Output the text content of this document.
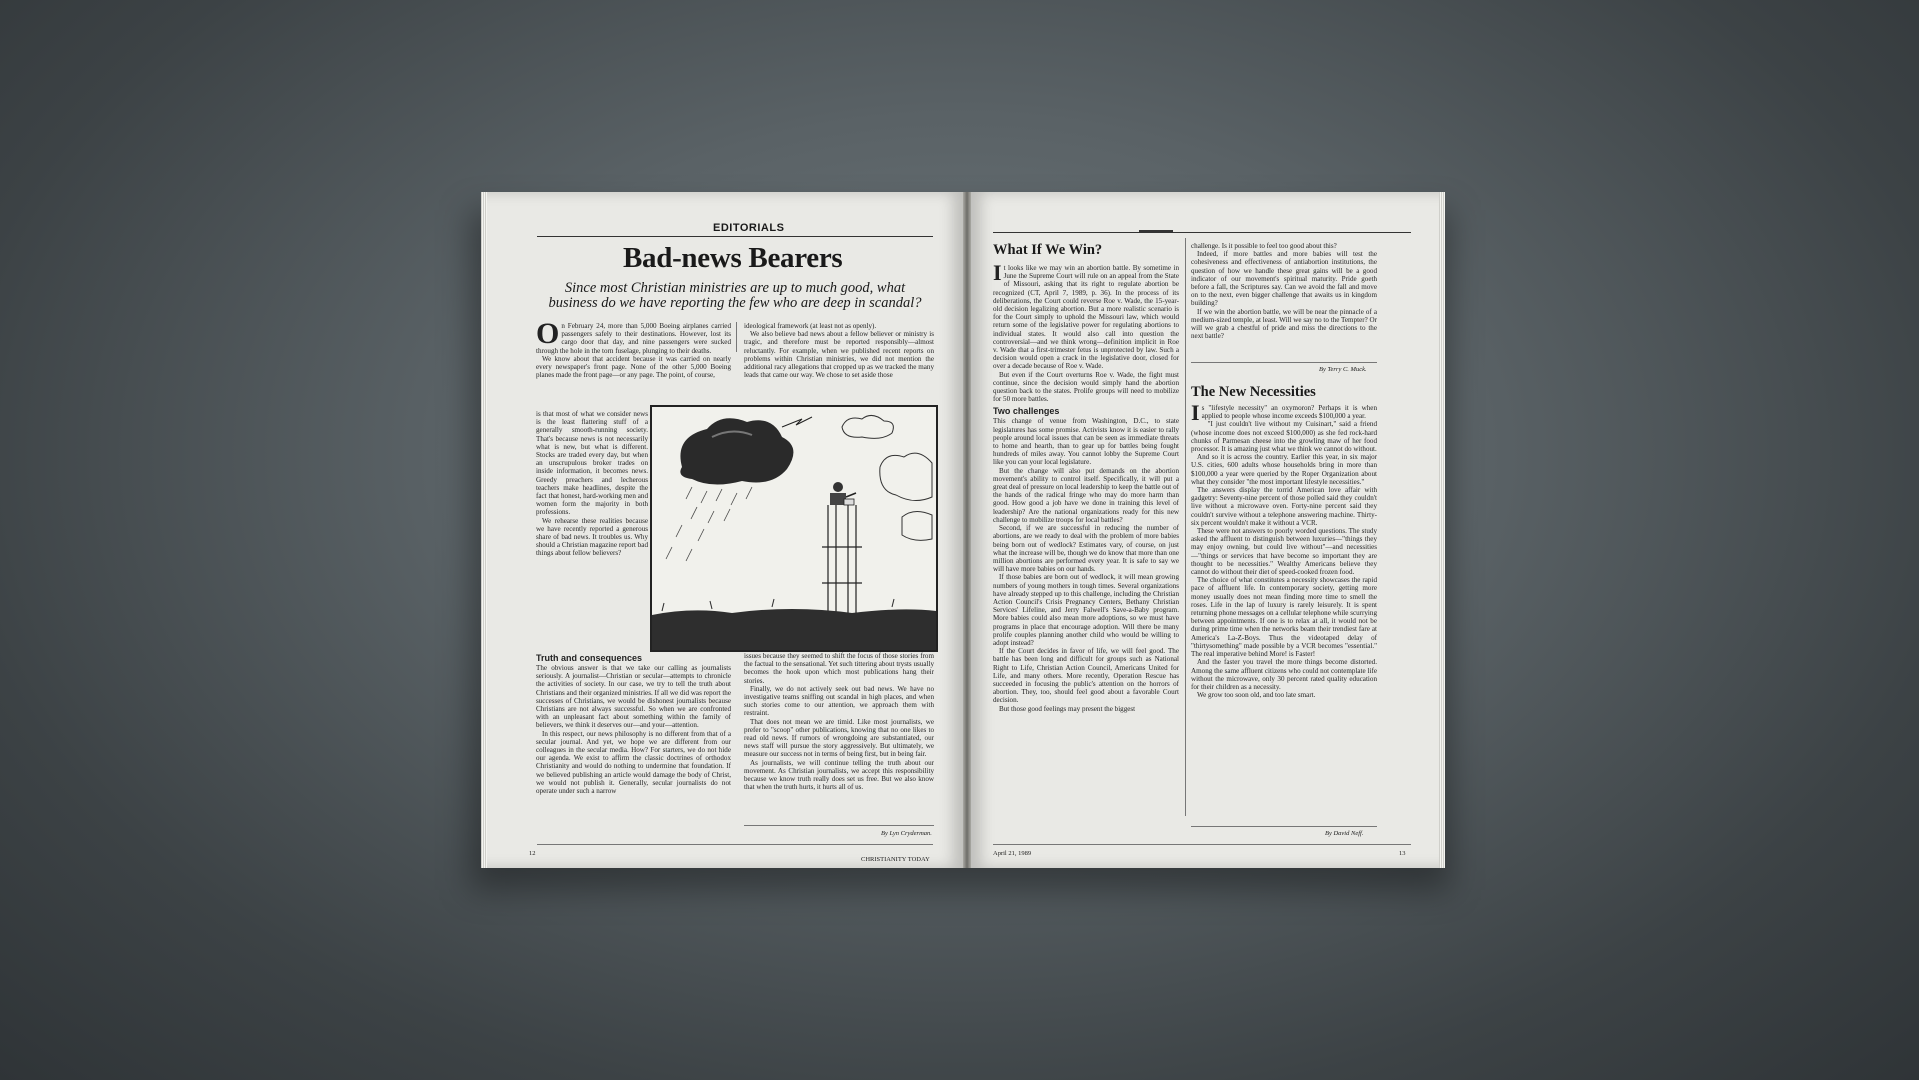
EDITORIALS
Bad-news Bearers
Since most Christian ministries are up to much good, what business do we have reporting the few who are deep in scandal?

On February 24, more than 5,000 Boeing airplanes carried passengers safely to their destinations. However, lost its cargo door that day, and nine passengers were sucked through the hole in the torn fuselage, plunging to their deaths.

We know about that accident because it was carried on nearly every newspaper's front page. None of the other 5,000 Boeing planes made the front page—or any page. The point, of course,

is that most of what we consider news is the least flattering stuff of a generally smooth-running society. That's because news is not necessarily what is new, but what is different. Stocks are traded every day, but when an unscrupulous broker trades on inside information, it becomes news. Greedy preachers and lecherous teachers make headlines, despite the fact that honest, hard-working men and women form the majority in both professions.

We rehearse these realities because we have recently reported a generous share of bad news. It troubles us. Why should a Christian magazine report bad things about fellow believers?

Truth and consequences

The obvious answer is that we take our calling as journalists seriously. A journalist—Christian or secular—attempts to chronicle the activities of society. In our case, we try to tell the truth about Christians and their organized ministries. If all we did was report the successes of Christians, we would be dishonest journalists because Christians are not always successful. So when we are confronted with an unpleasant fact about something within the family of believers, we think it deserves our—and your—attention.

In this respect, our news philosophy is no different from that of a secular journal. And yet, we hope we are different from our colleagues in the secular media. How? For starters, we do not hide our agenda. We exist to affirm the classic doctrines of orthodox Christianity and would do nothing to undermine that foundation. If we believed publishing an article would damage the body of Christ, we would not publish it. Generally, secular journalists do not operate under such a narrow

ideological framework (at least not as openly).

We also believe bad news about a fellow believer or ministry is tragic, and therefore must be reported responsibly—almost reluctantly. For example, when we published recent reports on problems within Christian ministries, we did not mention the additional racy allegations that cropped up as we tracked the many leads that came our way. We chose to set aside those

issues because they seemed to shift the focus of those stories from the factual to the sensational. Yet such tittering about trysts usually becomes the hook upon which most publications hang their stories.

Finally, we do not actively seek out bad news. We have no investigative teams sniffing out scandal in high places, and when such stories come to our attention, we approach them with restraint.

That does not mean we are timid. Like most journalists, we prefer to "scoop" other publications, knowing that no one likes to read old news. If rumors of wrongdoing are substantiated, our news staff will pursue the story aggressively. But ultimately, we measure our success not in terms of being first, but in being fair.

As journalists, we will continue telling the truth about our movement. As Christian journalists, we accept this responsibility because we know truth really does set us free. But we also know that when the truth hurts, it hurts all of us.

By Lyn Cryderman.
12
CHRISTIANITY TODAY
What If We Win?

It looks like we may win an abortion battle. By sometime in June the Supreme Court will rule on an appeal from the State of Missouri, asking that its right to regulate abortion be recognized (CT, April 7, 1989, p. 36). In the process of its deliberations, the Court could reverse Roe v. Wade, the 15-year-old decision legalizing abortion. But a more realistic scenario is for the Court simply to uphold the Missouri law, which would return some of the legislative power for regulating abortions to individual states. It would also call into question the controversial—and we think wrong—definition implicit in Roe v. Wade that a first-trimester fetus is unprotected by law. Such a decision would open a crack in the legislative door, closed for over a decade because of Roe v. Wade.

But even if the Court overturns Roe v. Wade, the fight must continue, since the decision would simply hand the abortion question back to the states. Prolife groups will need to mobilize for 50 more battles.

Two challenges

This change of venue from Washington, D.C., to state legislatures has some promise. Activists know it is easier to rally people around local issues that can be seen as immediate threats to home and hearth, than to gear up for battles being fought hundreds of miles away. You cannot lobby the Supreme Court like you can your local legislature.

But the change will also put demands on the abortion movement's ability to control itself. Specifically, it will put a great deal of pressure on local leadership to keep the battle out of the hands of the radical fringe who may do more harm than good. How good a job have we done in training this level of leadership? Are the national organizations ready for this new challenge to mobilize troops for local battles?

Second, if we are successful in reducing the number of abortions, are we ready to deal with the problem of more babies being born out of wedlock? Estimates vary, of course, on just what the increase will be, though we do know that more than one million abortions are performed every year. It is safe to say we will have more babies on our hands.

If those babies are born out of wedlock, it will mean growing numbers of young mothers in tough times. Several organizations have already stepped up to this challenge, including the Christian Action Council's Crisis Pregnancy Centers, Bethany Christian Services' Lifeline, and Jerry Falwell's Save-a-Baby program. More babies could also mean more adoptions, so we must have programs in place that encourage adoption. Will there be many prolife couples planning another child who would be willing to adopt instead?

If the Court decides in favor of life, we will feel good. The battle has been long and difficult for groups such as National Right to Life, Christian Action Council, Americans United for Life, and many others. More recently, Operation Rescue has succeeded in focusing the public's attention on the horrors of abortion. They, too, should feel good about a favorable Court decision.

But those good feelings may present the biggest

challenge. Is it possible to feel too good about this?

Indeed, if more battles and more babies will test the cohesiveness and effectiveness of antiabortion institutions, the question of how we handle these great gains will be a good indicator of our movement's spiritual maturity. Pride goeth before a fall, the Scriptures say. Can we avoid the fall and move on to the next, even bigger challenge that awaits us in kingdom building?

If we win the abortion battle, we will be near the pinnacle of a medium-sized temple, at least. Will we say no to the Tempter? Or will we grab a chestful of pride and miss the directions to the next battle?

By Terry C. Muck.
The New Necessities

Is "lifestyle necessity" an oxymoron? Perhaps it is when applied to people whose income exceeds $100,000 a year.

"I just couldn't live without my Cuisinart," said a friend (whose income does not exceed $100,000) as she fed rock-hard chunks of Parmesan cheese into the growling maw of her food processor. It is amazing just what we think we cannot do without.

And so it is across the country. Earlier this year, in six major U.S. cities, 600 adults whose households bring in more than $100,000 a year were queried by the Roper Organization about what they consider "the most important lifestyle necessities."

The answers display the torrid American love affair with gadgetry: Seventy-nine percent of those polled said they couldn't live without a microwave oven. Forty-nine percent said they couldn't survive without a telephone answering machine. Thirty-six percent wouldn't make it without a VCR.

These were not answers to poorly worded questions. The study asked the affluent to distinguish between luxuries—"things they may enjoy owning, but could live without"—and necessities—"things or services that have become so important they are thought to be necessities." Wealthy Americans believe they cannot do without their diet of speed-cooked frozen food.

The choice of what constitutes a necessity showcases the rapid pace of affluent life. In contemporary society, getting more money usually does not mean finding more time to smell the roses. Life in the lap of luxury is rarely leisurely. It is spent returning phone messages on a cellular telephone while scurrying between appointments. If one is to relax at all, it would not be during prime time when the networks beam their trendiest fare at America's La-Z-Boys. Thus the videotaped delay of "thirtysomething" made possible by a VCR becomes "essential." The real imperative behind More! is Faster!

And the faster you travel the more things become distorted. Among the same affluent citizens who could not contemplate life without the microwave, only 30 percent rated quality education for their children as a necessity.

We grow too soon old, and too late smart.

By David Neff.
April 21, 1989	13
